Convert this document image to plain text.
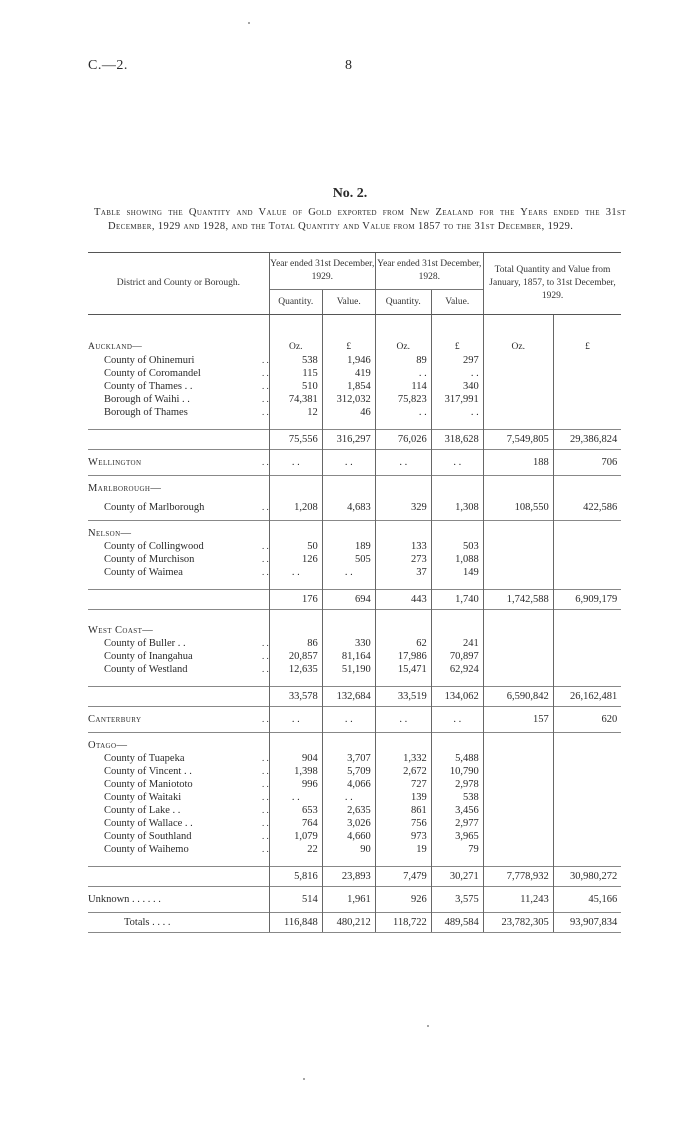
C.—2.	8
No. 2.
Table showing the Quantity and Value of Gold exported from New Zealand for the Years ended the 31st December, 1929 and 1928, and the Total Quantity and Value from 1857 to the 31st December, 1929.
District and County or Borough.		Year ended 31st December, 1929.		Year ended 31st December, 1928.		Total Quantity and Value from January, 1857, to 31st December, 1929.	
		Quantity.	Value.	Quantity.	Value.		
Auckland—		Oz.	£	Oz.	£	Oz.	£
County of Ohinemuri	. .	538	1,946	89	297		
County of Coromandel	. .	115	419	. .	. .		
County of Thames . .	. .	510	1,854	114	340		
Borough of Waihi . .	. .	74,381	312,032	75,823	317,991		
Borough of Thames	. .	12	46	. .	. .		

		75,556	316,297	76,026	318,628	7,549,805	29,386,824
Wellington	. .	. .	. .	. .	. .	188	706
Marlborough—							
County of Marlborough	. .	1,208	4,683	329	1,308	108,550	422,586
Nelson—							
County of Collingwood	. .	50	189	133	503		
County of Murchison	. .	126	505	273	1,088		
County of Waimea	. .	. .	. .	37	149		

		176	694	443	1,740	1,742,588	6,909,179
West Coast—							
County of Buller . .	. .	86	330	62	241		
County of Inangahua	. .	20,857	81,164	17,986	70,897		
County of Westland	. .	12,635	51,190	15,471	62,924		

		33,578	132,684	33,519	134,062	6,590,842	26,162,481
Canterbury	. .	. .	. .	. .	. .	157	620
Otago—							
County of Tuapeka	. .	904	3,707	1,332	5,488		
County of Vincent . .	. .	1,398	5,709	2,672	10,790		
County of Maniototo	. .	996	4,066	727	2,978		
County of Waitaki	. .	. .	. .	139	538		
County of Lake . .	. .	653	2,635	861	3,456		
County of Wallace . .	. .	764	3,026	756	2,977		
County of Southland	. .	1,079	4,660	973	3,965		
County of Waihemo	. .	22	90	19	79		

		5,816	23,893	7,479	30,271	7,778,932	30,980,272
Unknown . . . . . .		514	1,961	926	3,575	11,243	45,166
Totals . . . .		116,848	480,212	118,722	489,584	23,782,305	93,907,834
